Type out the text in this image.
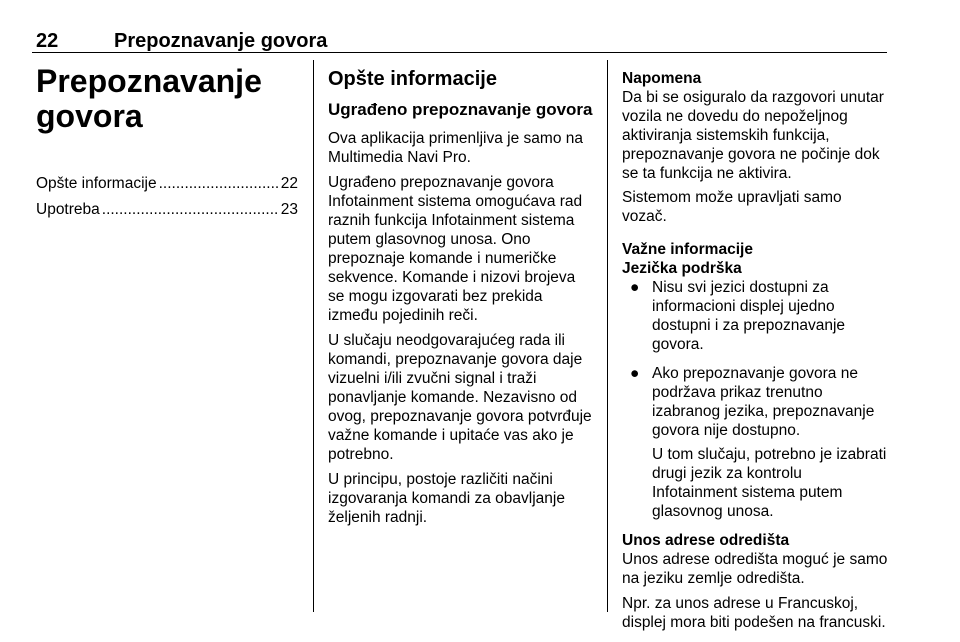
22	Prepoznavanje govora
Prepoznavanje
govora
Opšte informacije .....	22
Upotreba .....	23
Opšte informacije
Ugrađeno prepoznavanje govora

Ova aplikacija primenljiva je samo na Multimedia Navi Pro.

Ugrađeno prepoznavanje govora Infotainment sistema omogućava rad raznih funkcija Infotainment sistema putem glasovnog unosa. Ono prepoznaje komande i numeričke sekvence. Komande i nizovi brojeva se mogu izgovarati bez prekida između pojedinih reči.

U slučaju neodgovarajućeg rada ili komandi, prepoznavanje govora daje vizuelni i/ili zvučni signal i traži ponavljanje komande. Nezavisno od ovog, prepoznavanje govora potvrđuje važne komande i upitaće vas ako je potrebno.

U principu, postoje različiti načini izgovaranja komandi za obavljanje željenih radnji.

Napomena

Da bi se osiguralo da razgovori unutar vozila ne dovedu do nepoželjnog aktiviranja sistemskih funkcija, prepoznavanje govora ne počinje dok se ta funkcija ne aktivira.

Sistemom može upravljati samo vozač.

Važne informacije
Jezička podrška
● Nisu svi jezici dostupni za informacioni displej ujedno dostupni i za prepoznavanje govora.
● Ako prepoznavanje govora ne podržava prikaz trenutno izabranog jezika, prepoznavanje govora nije dostupno.
U tom slučaju, potrebno je izabrati drugi jezik za kontrolu Infotainment sistema putem glasovnog unosa.
Unos adrese odredišta

Unos adrese odredišta moguć je samo na jeziku zemlje odredišta.

Npr. za unos adrese u Francuskoj, displej mora biti podešen na francuski.
